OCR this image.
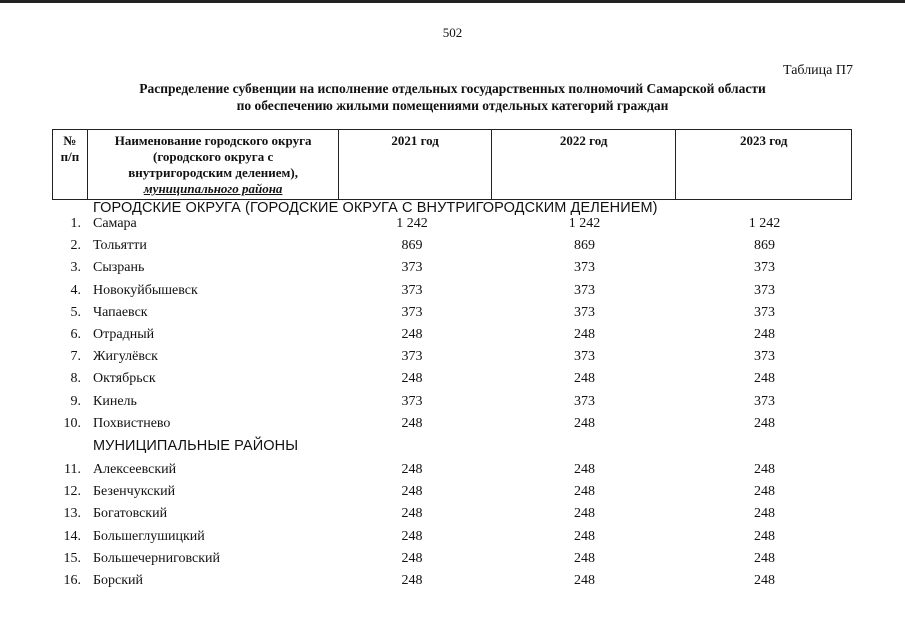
502
Таблица П7
Распределение субвенции на исполнение отдельных государственных полномочий Самарской области
по обеспечению жилыми помещениями отдельных категорий граждан
№
п/п
Наименование городского округа
(городского округа с
внутригородским делением),
муниципального района
2021 год	2022 год	2023 год
ГОРОДСКИЕ ОКРУГА (ГОРОДСКИЕ ОКРУГА С ВНУТРИГОРОДСКИМ ДЕЛЕНИЕМ)
1. Самара	1 242	1 242	1 242
2. Тольятти	869	869	869
3. Сызрань	373	373	373
4. Новокуйбышевск	373	373	373
5. Чапаевск	373	373	373
6. Отрадный	248	248	248
7. Жигулёвск	373	373	373
8. Октябрьск	248	248	248
9. Кинель	373	373	373
10. Похвистнево	248	248	248
МУНИЦИПАЛЬНЫЕ РАЙОНЫ
11. Алексеевский	248	248	248
12. Безенчукский	248	248	248
13. Богатовский	248	248	248
14. Большеглушицкий	248	248	248
15. Большечерниговский	248	248	248
16. Борский	248	248	248
